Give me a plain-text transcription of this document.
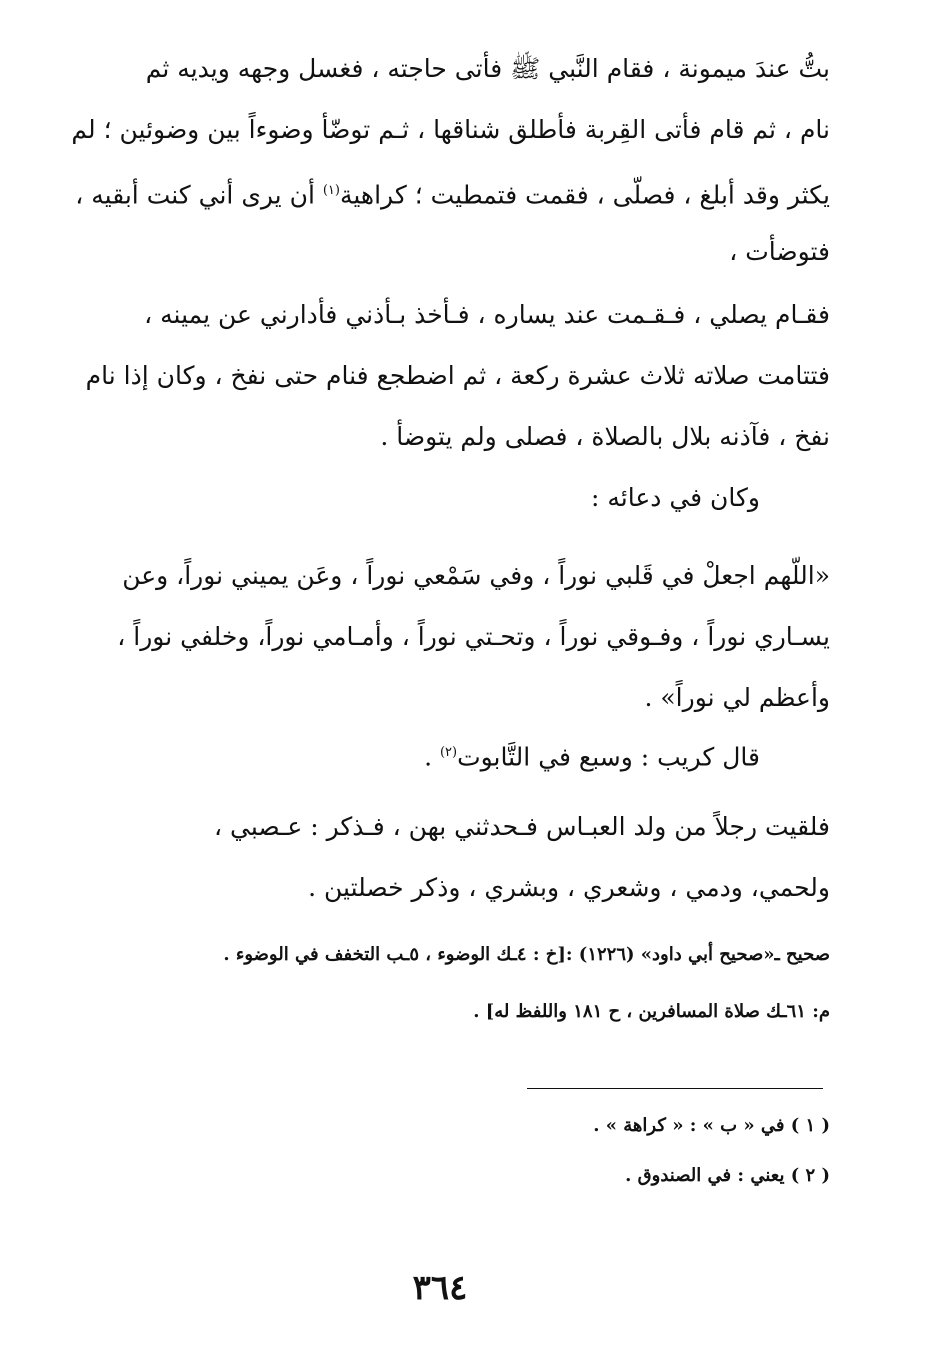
بتُّ عندَ ميمونة ، فقام النَّبي ﷺ فأتى حاجته ، فغسل وجهه ويديه ثم
نام ، ثم قام فأتى القِربة فأطلق شناقها ، ثـم توضّأ وضوءاً بين وضوئين ؛ لم
يكثر وقد أبلغ ، فصلّى ، فقمت فتمطيت ؛ كراهية$^{(١)}$ أن يرى أني كنت أبقيه ،
فتوضأت ،
فقـام يصلي ، فـقـمت عند يساره ، فـأخذ بـأذني فأدارني عن يمينه ،
فتتامت صلاته ثلاث عشرة ركعة ، ثم اضطجع فنام حتى نفخ ، وكان إذا نام
نفخ ، فآذنه بلال بالصلاة ، فصلى ولم يتوضأ .
وكان في دعائه :
«اللّهم اجعلْ في قَلبي نوراً ، وفي سَمْعي نوراً ، وعَن يميني نوراً، وعن
يسـاري نوراً ، وفـوقي نوراً ، وتحـتي نوراً ، وأمـامي نوراً، وخلفي نوراً ،
وأعظم لي نوراً» .
قال كريب : وسبع في التَّابوت$^{(٢)}$ .
فلقيت رجلاً من ولد العبـاس فـحدثني بهن ، فـذكر : عـصبي ،
ولحمي، ودمي ، وشعري ، وبشري ، وذكر خصلتين .
صحيح ـ«صحيح أبي داود» (١٢٢٦) :[خ : ٤ـك الوضوء ، ٥ـب التخفف في الوضوء .
م: ٦١ـك صلاة المسافرين ، ح ١٨١ واللفظ له] .
( ١ ) في « ب » : « كراهة » .
( ٢ ) يعني : في الصندوق .
٣٦٤
